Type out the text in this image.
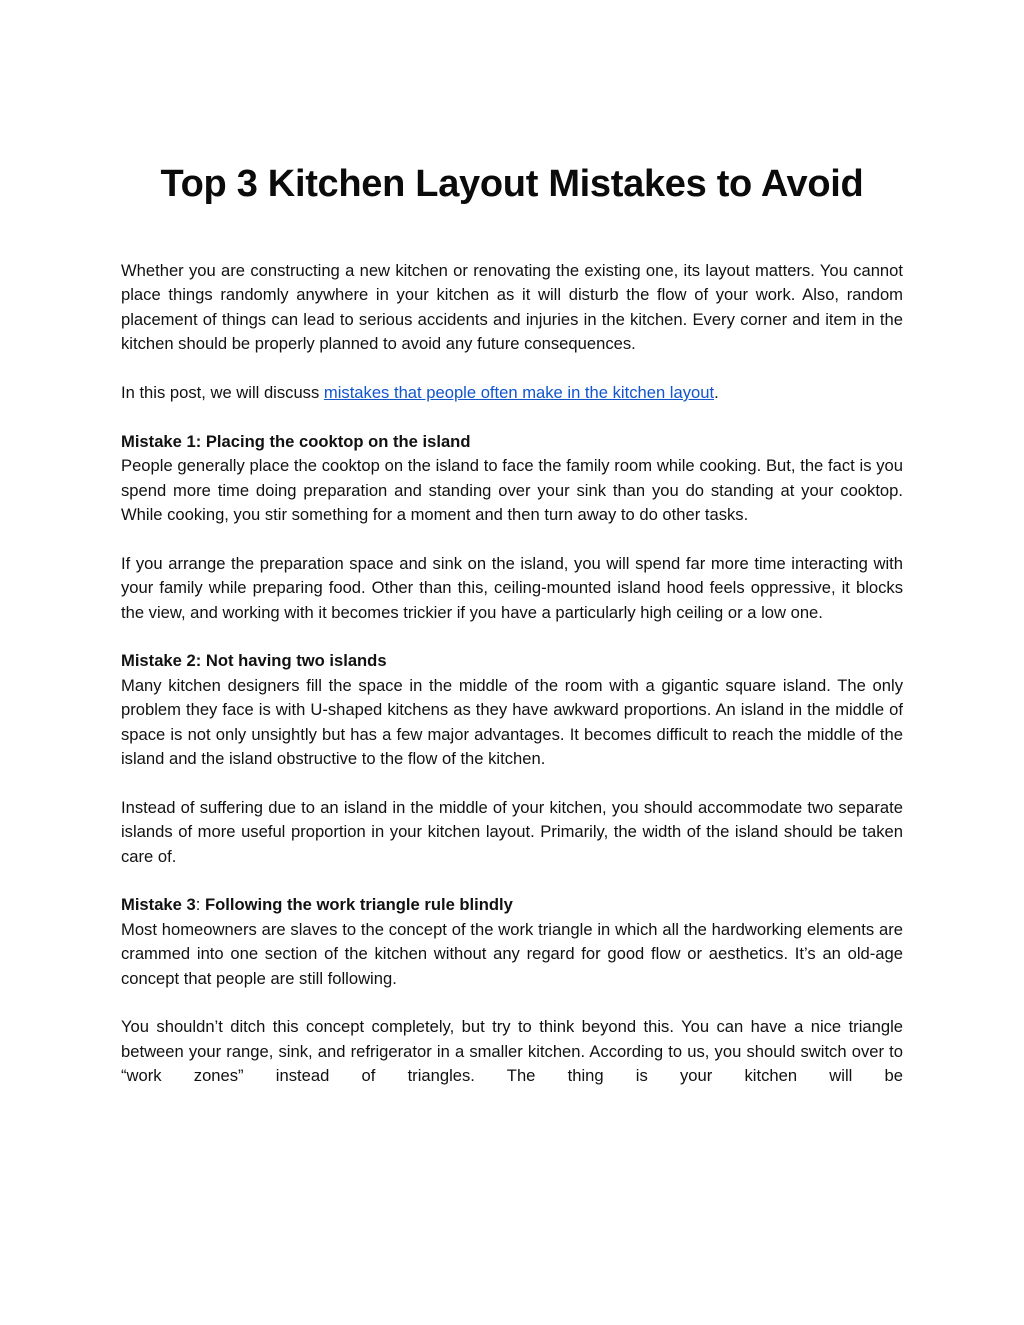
Top 3 Kitchen Layout Mistakes to Avoid

Whether you are constructing a new kitchen or renovating the existing one, its layout matters. You cannot place things randomly anywhere in your kitchen as it will disturb the flow of your work. Also, random placement of things can lead to serious accidents and injuries in the kitchen. Every corner and item in the kitchen should be properly planned to avoid any future consequences.

In this post, we will discuss mistakes that people often make in the kitchen layout.

Mistake 1: Placing the cooktop on the island

People generally place the cooktop on the island to face the family room while cooking. But, the fact is you spend more time doing preparation and standing over your sink than you do standing at your cooktop. While cooking, you stir something for a moment and then turn away to do other tasks.

If you arrange the preparation space and sink on the island, you will spend far more time interacting with your family while preparing food. Other than this, ceiling-mounted island hood feels oppressive, it blocks the view, and working with it becomes trickier if you have a particularly high ceiling or a low one.

Mistake 2: Not having two islands

Many kitchen designers fill the space in the middle of the room with a gigantic square island. The only problem they face is with U-shaped kitchens as they have awkward proportions. An island in the middle of space is not only unsightly but has a few major advantages. It becomes difficult to reach the middle of the island and the island obstructive to the flow of the kitchen.

Instead of suffering due to an island in the middle of your kitchen, you should accommodate two separate islands of more useful proportion in your kitchen layout. Primarily, the width of the island should be taken care of.

Mistake 3: Following the work triangle rule blindly

Most homeowners are slaves to the concept of the work triangle in which all the hardworking elements are crammed into one section of the kitchen without any regard for good flow or aesthetics. It’s an old-age concept that people are still following.

You shouldn’t ditch this concept completely, but try to think beyond this. You can have a nice triangle between your range, sink, and refrigerator in a smaller kitchen. According to us, you should switch over to “work zones” instead of triangles. The thing is your kitchen will be
